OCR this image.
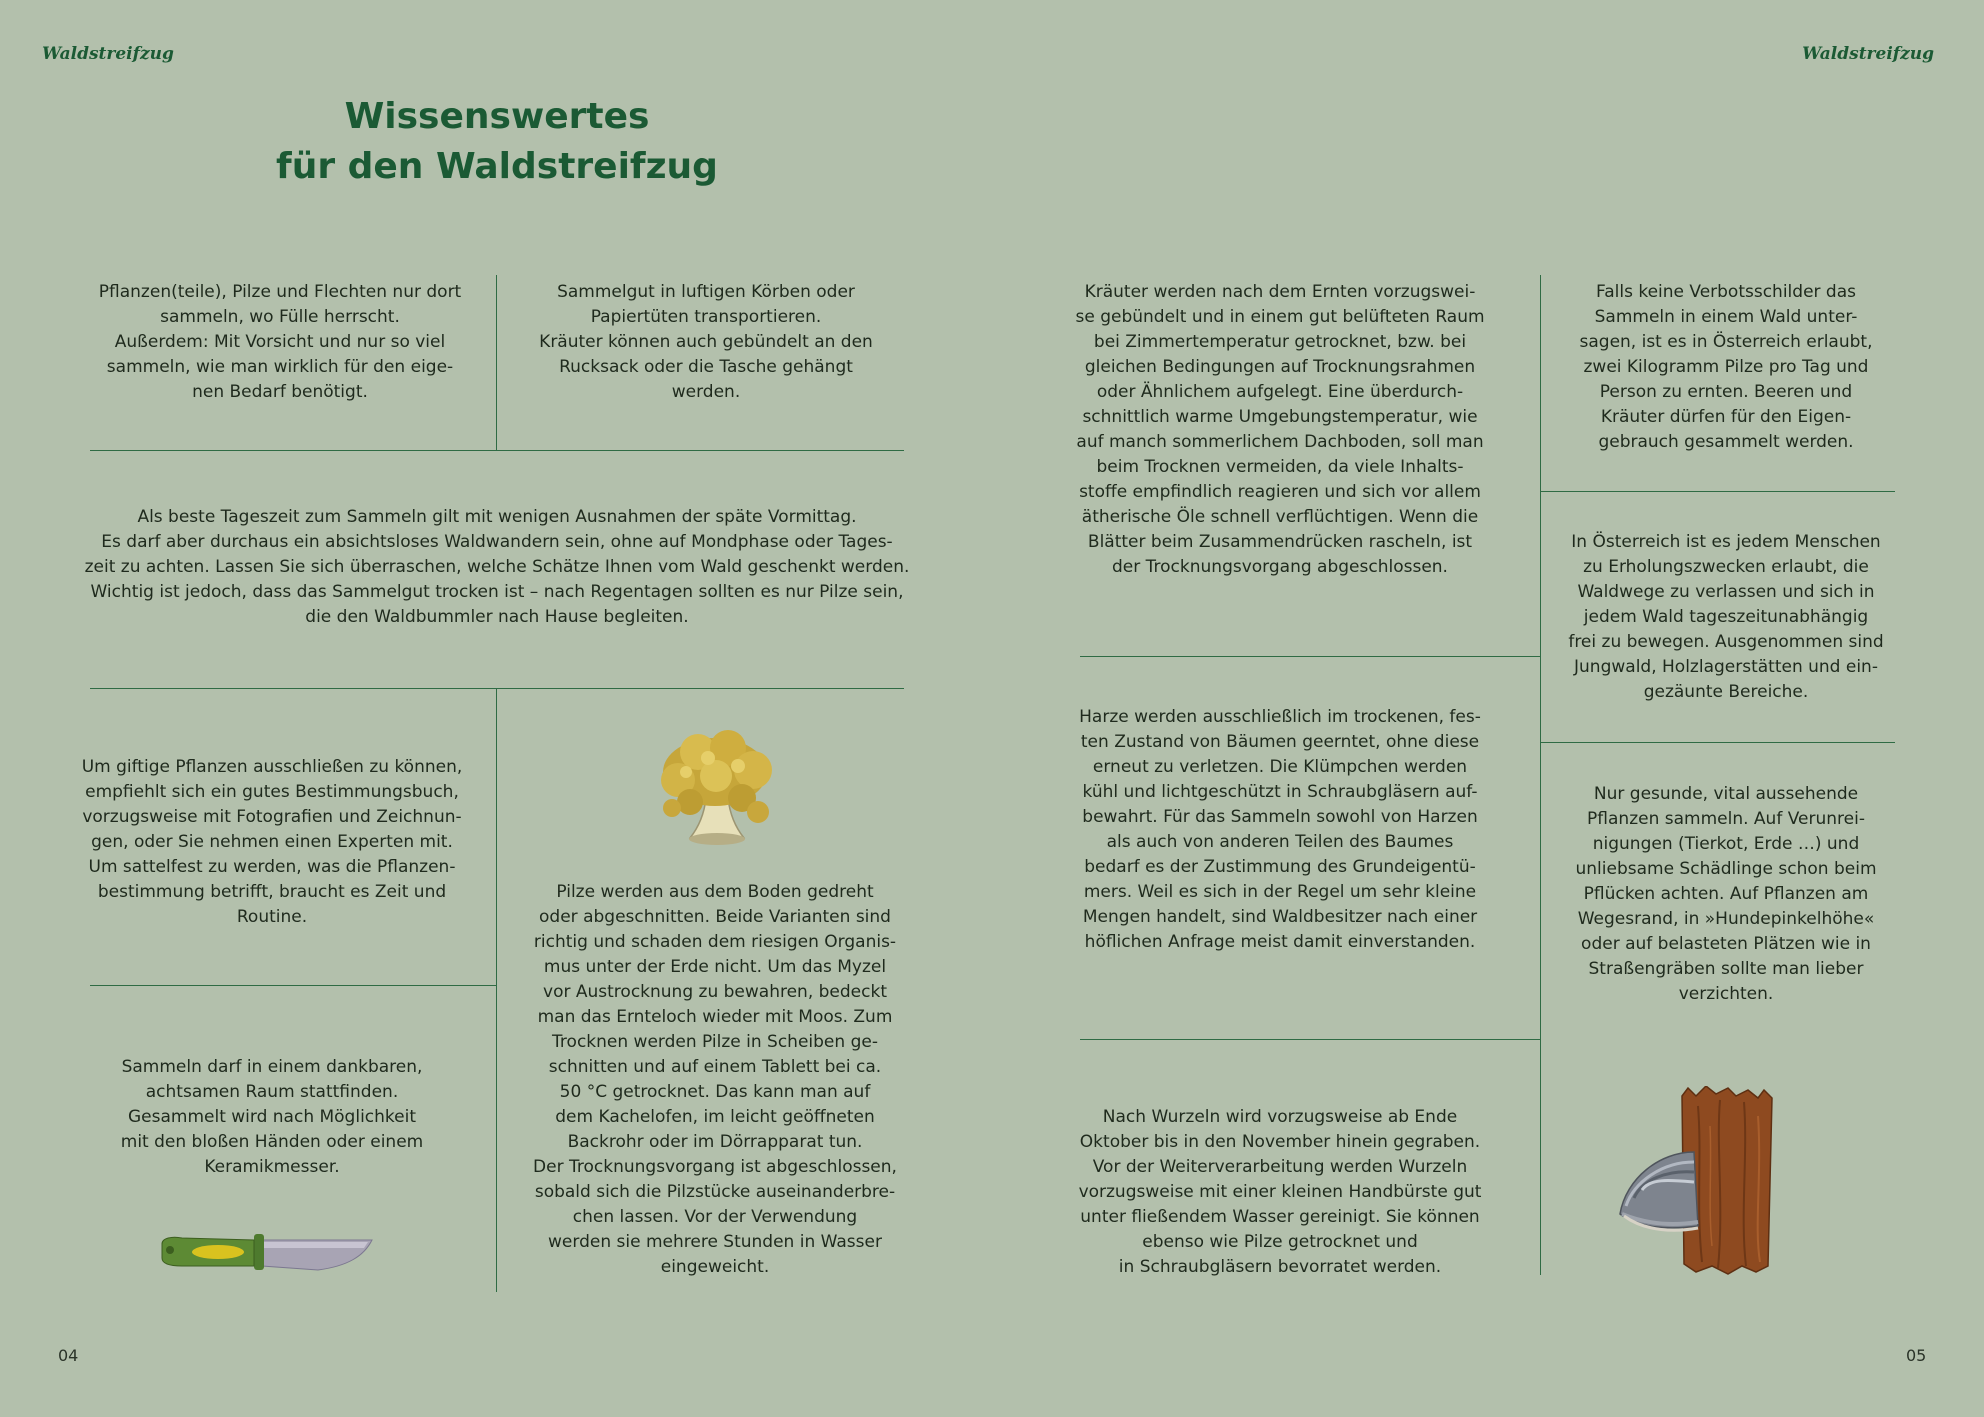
Waldstreifzug	Waldstreifzug
Wissenswertes
für den Waldstreifzug
Pflanzen(teile), Pilze und Flechten nur dort
sammeln, wo Fülle herrscht.
Außerdem: Mit Vorsicht und nur so viel
sammeln, wie man wirklich für den eige-
nen Bedarf benötigt.
Sammelgut in luftigen Körben oder
Papiertüten transportieren.
Kräuter können auch gebündelt an den
Rucksack oder die Tasche gehängt
werden.
Als beste Tageszeit zum Sammeln gilt mit wenigen Ausnahmen der späte Vormittag.
Es darf aber durchaus ein absichtsloses Waldwandern sein, ohne auf Mondphase oder Tages-
zeit zu achten. Lassen Sie sich überraschen, welche Schätze Ihnen vom Wald geschenkt werden.
Wichtig ist jedoch, dass das Sammelgut trocken ist – nach Regentagen sollten es nur Pilze sein,
die den Waldbummler nach Hause begleiten.
Um giftige Pflanzen ausschließen zu können,
empfiehlt sich ein gutes Bestimmungsbuch,
vorzugsweise mit Fotografien und Zeichnun-
gen, oder Sie nehmen einen Experten mit.
Um sattelfest zu werden, was die Pflanzen-
bestimmung betrifft, braucht es Zeit und
Routine.
Pilze werden aus dem Boden gedreht
oder abgeschnitten. Beide Varianten sind
richtig und schaden dem riesigen Organis-
mus unter der Erde nicht. Um das Myzel
vor Austrocknung zu bewahren, bedeckt
man das Ernteloch wieder mit Moos. Zum
Trocknen werden Pilze in Scheiben ge-
schnitten und auf einem Tablett bei ca.
50 °C getrocknet. Das kann man auf
dem Kachelofen, im leicht geöffneten
Backrohr oder im Dörrapparat tun.
Der Trocknungsvorgang ist abgeschlossen,
sobald sich die Pilzstücke auseinanderbre-
chen lassen. Vor der Verwendung
werden sie mehrere Stunden in Wasser
eingeweicht.
Sammeln darf in einem dankbaren,
achtsamen Raum stattfinden.
Gesammelt wird nach Möglichkeit
mit den bloßen Händen oder einem
Keramikmesser.
Kräuter werden nach dem Ernten vorzugswei-
se gebündelt und in einem gut belüfteten Raum
bei Zimmertemperatur getrocknet, bzw. bei
gleichen Bedingungen auf Trocknungsrahmen
oder Ähnlichem aufgelegt. Eine überdurch-
schnittlich warme Umgebungstemperatur, wie
auf manch sommerlichem Dachboden, soll man
beim Trocknen vermeiden, da viele Inhalts-
stoffe empfindlich reagieren und sich vor allem
ätherische Öle schnell verflüchtigen. Wenn die
Blätter beim Zusammendrücken rascheln, ist
der Trocknungsvorgang abgeschlossen.
Falls keine Verbotsschilder das
Sammeln in einem Wald unter-
sagen, ist es in Österreich erlaubt,
zwei Kilogramm Pilze pro Tag und
Person zu ernten. Beeren und
Kräuter dürfen für den Eigen-
gebrauch gesammelt werden.
In Österreich ist es jedem Menschen
zu Erholungszwecken erlaubt, die
Waldwege zu verlassen und sich in
jedem Wald tageszeitunabhängig
frei zu bewegen. Ausgenommen sind
Jungwald, Holzlagerstätten und ein-
gezäunte Bereiche.
Harze werden ausschließlich im trockenen, fes-
ten Zustand von Bäumen geerntet, ohne diese
erneut zu verletzen. Die Klümpchen werden
kühl und lichtgeschützt in Schraubgläsern auf-
bewahrt. Für das Sammeln sowohl von Harzen
als auch von anderen Teilen des Baumes
bedarf es der Zustimmung des Grundeigentü-
mers. Weil es sich in der Regel um sehr kleine
Mengen handelt, sind Waldbesitzer nach einer
höflichen Anfrage meist damit einverstanden.
Nur gesunde, vital aussehende
Pflanzen sammeln. Auf Verunrei-
nigungen (Tierkot, Erde …) und
unliebsame Schädlinge schon beim
Pflücken achten. Auf Pflanzen am
Wegesrand, in »Hundepinkelhöhe«
oder auf belasteten Plätzen wie in
Straßengräben sollte man lieber
verzichten.
Nach Wurzeln wird vorzugsweise ab Ende
Oktober bis in den November hinein gegraben.
Vor der Weiterverarbeitung werden Wurzeln
vorzugsweise mit einer kleinen Handbürste gut
unter fließendem Wasser gereinigt. Sie können
ebenso wie Pilze getrocknet und
in Schraubgläsern bevorratet werden.
04	05
